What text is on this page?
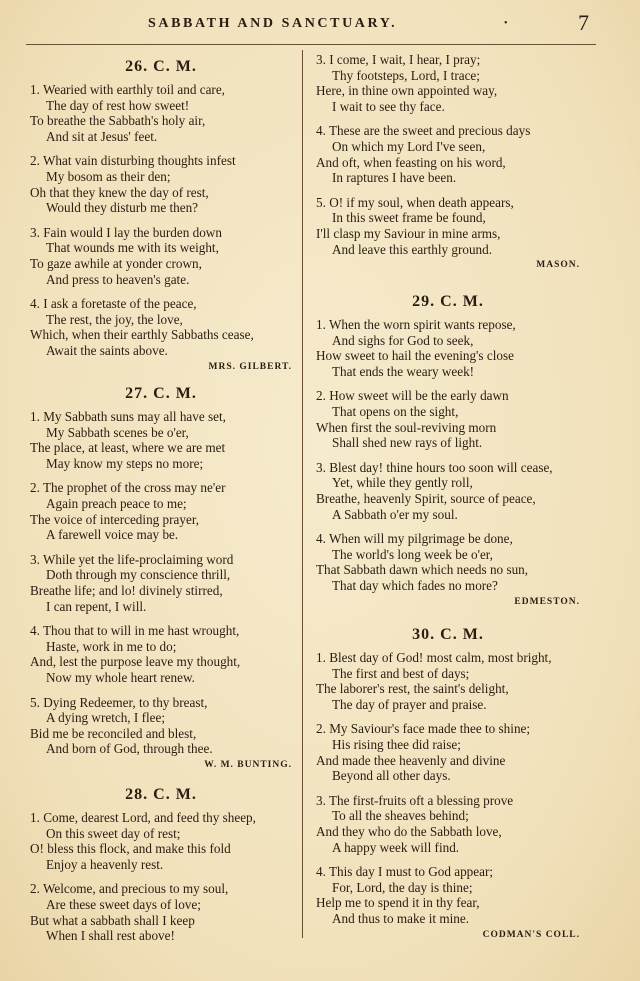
SABBATH AND SANCTUARY.	•	7
26. C. M.
1. Wearied with earthly toil and care,
The day of rest how sweet!
To breathe the Sabbath's holy air,
And sit at Jesus' feet.
2. What vain disturbing thoughts infest
My bosom as their den;
Oh that they knew the day of rest,
Would they disturb me then?
3. Fain would I lay the burden down
That wounds me with its weight,
To gaze awhile at yonder crown,
And press to heaven's gate.
4. I ask a foretaste of the peace,
The rest, the joy, the love,
Which, when their earthly Sabbaths cease,
Await the saints above.
MRS. GILBERT.
27. C. M.
1. My Sabbath suns may all have set,
My Sabbath scenes be o'er,
The place, at least, where we are met
May know my steps no more;
2. The prophet of the cross may ne'er
Again preach peace to me;
The voice of interceding prayer,
A farewell voice may be.
3. While yet the life-proclaiming word
Doth through my conscience thrill,
Breathe life; and lo! divinely stirred,
I can repent, I will.
4. Thou that to will in me hast wrought,
Haste, work in me to do;
And, lest the purpose leave my thought,
Now my whole heart renew.
5. Dying Redeemer, to thy breast,
A dying wretch, I flee;
Bid me be reconciled and blest,
And born of God, through thee.
W. M. BUNTING.
28. C. M.
1. Come, dearest Lord, and feed thy sheep,
On this sweet day of rest;
O! bless this flock, and make this fold
Enjoy a heavenly rest.
2. Welcome, and precious to my soul,
Are these sweet days of love;
But what a sabbath shall I keep
When I shall rest above!
3. I come, I wait, I hear, I pray;
Thy footsteps, Lord, I trace;
Here, in thine own appointed way,
I wait to see thy face.
4. These are the sweet and precious days
On which my Lord I've seen,
And oft, when feasting on his word,
In raptures I have been.
5. O! if my soul, when death appears,
In this sweet frame be found,
I'll clasp my Saviour in mine arms,
And leave this earthly ground.
MASON.
29. C. M.
1. When the worn spirit wants repose,
And sighs for God to seek,
How sweet to hail the evening's close
That ends the weary week!
2. How sweet will be the early dawn
That opens on the sight,
When first the soul-reviving morn
Shall shed new rays of light.
3. Blest day! thine hours too soon will cease,
Yet, while they gently roll,
Breathe, heavenly Spirit, source of peace,
A Sabbath o'er my soul.
4. When will my pilgrimage be done,
The world's long week be o'er,
That Sabbath dawn which needs no sun,
That day which fades no more?
EDMESTON.
30. C. M.
1. Blest day of God! most calm, most bright,
The first and best of days;
The laborer's rest, the saint's delight,
The day of prayer and praise.
2. My Saviour's face made thee to shine;
His rising thee did raise;
And made thee heavenly and divine
Beyond all other days.
3. The first-fruits oft a blessing prove
To all the sheaves behind;
And they who do the Sabbath love,
A happy week will find.
4. This day I must to God appear;
For, Lord, the day is thine;
Help me to spend it in thy fear,
And thus to make it mine.
CODMAN'S COLL.
